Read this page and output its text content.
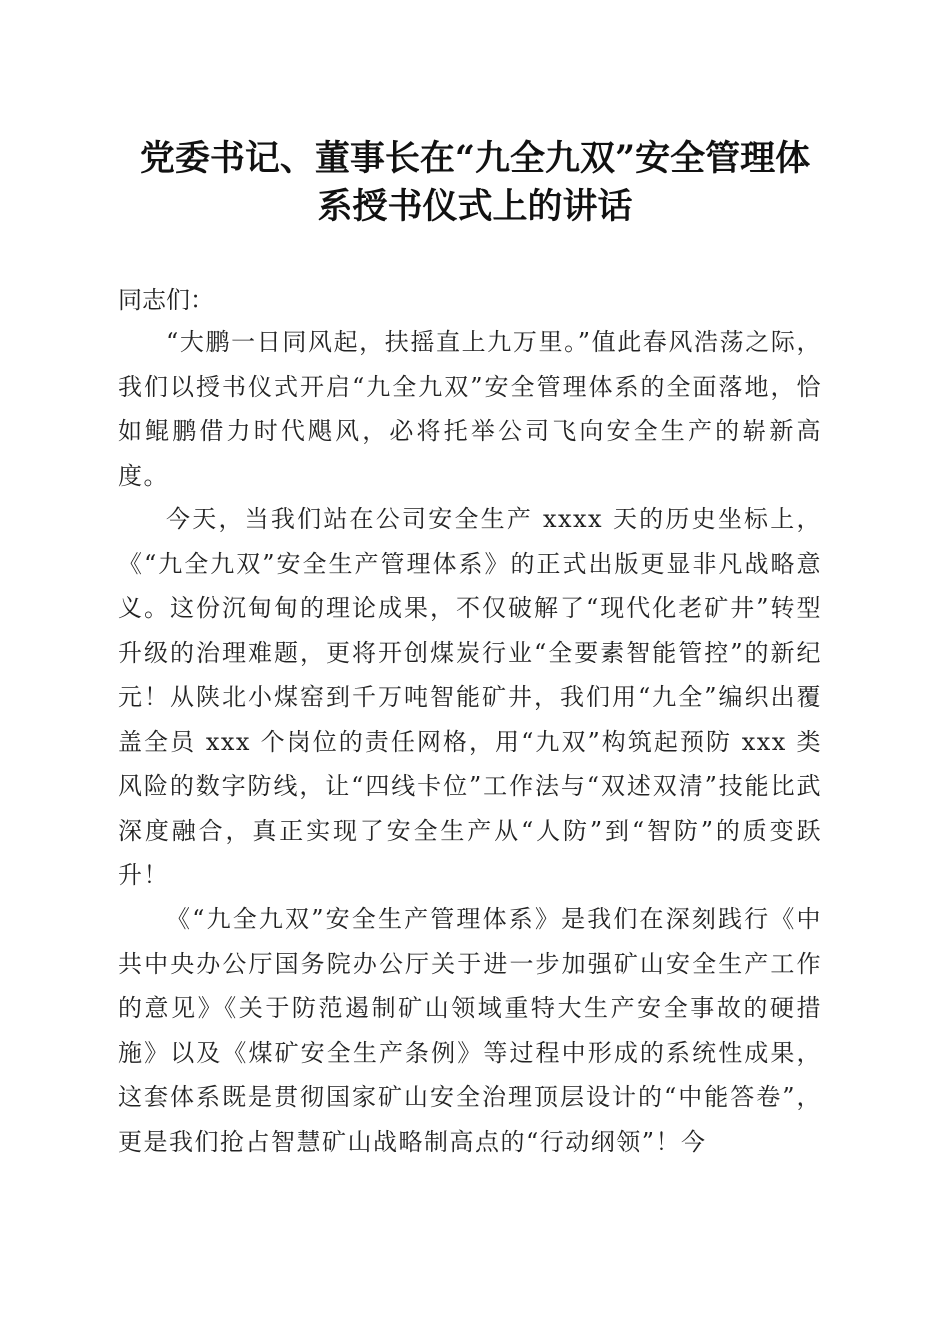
党委书记、董事长在“九全九双”安全管理体
系授书仪式上的讲话
同志们：

“大鹏一日同风起，扶摇直上九万里。”值此春风浩荡之际，我们以授书仪式开启“九全九双”安全管理体系的全面落地，恰如鲲鹏借力时代飓风，必将托举公司飞向安全生产的崭新高度。

今天，当我们站在公司安全生产 xxxx 天的历史坐标上，《“九全九双”安全生产管理体系》的正式出版更显非凡战略意义。这份沉甸甸的理论成果，不仅破解了“现代化老矿井”转型升级的治理难题，更将开创煤炭行业“全要素智能管控”的新纪元！从陕北小煤窑到千万吨智能矿井，我们用“九全”编织出覆盖全员 xxx 个岗位的责任网格，用“九双”构筑起预防 xxx 类风险的数字防线，让“四线卡位”工作法与“双述双清”技能比武深度融合，真正实现了安全生产从“人防”到“智防”的质变跃升！

《“九全九双”安全生产管理体系》是我们在深刻践行《中共中央办公厅国务院办公厅关于进一步加强矿山安全生产工作的意见》《关于防范遏制矿山领域重特大生产安全事故的硬措施》以及《煤矿安全生产条例》等过程中形成的系统性成果，这套体系既是贯彻国家矿山安全治理顶层设计的“中能答卷”，更是我们抢占智慧矿山战略制高点的“行动纲领”！今
